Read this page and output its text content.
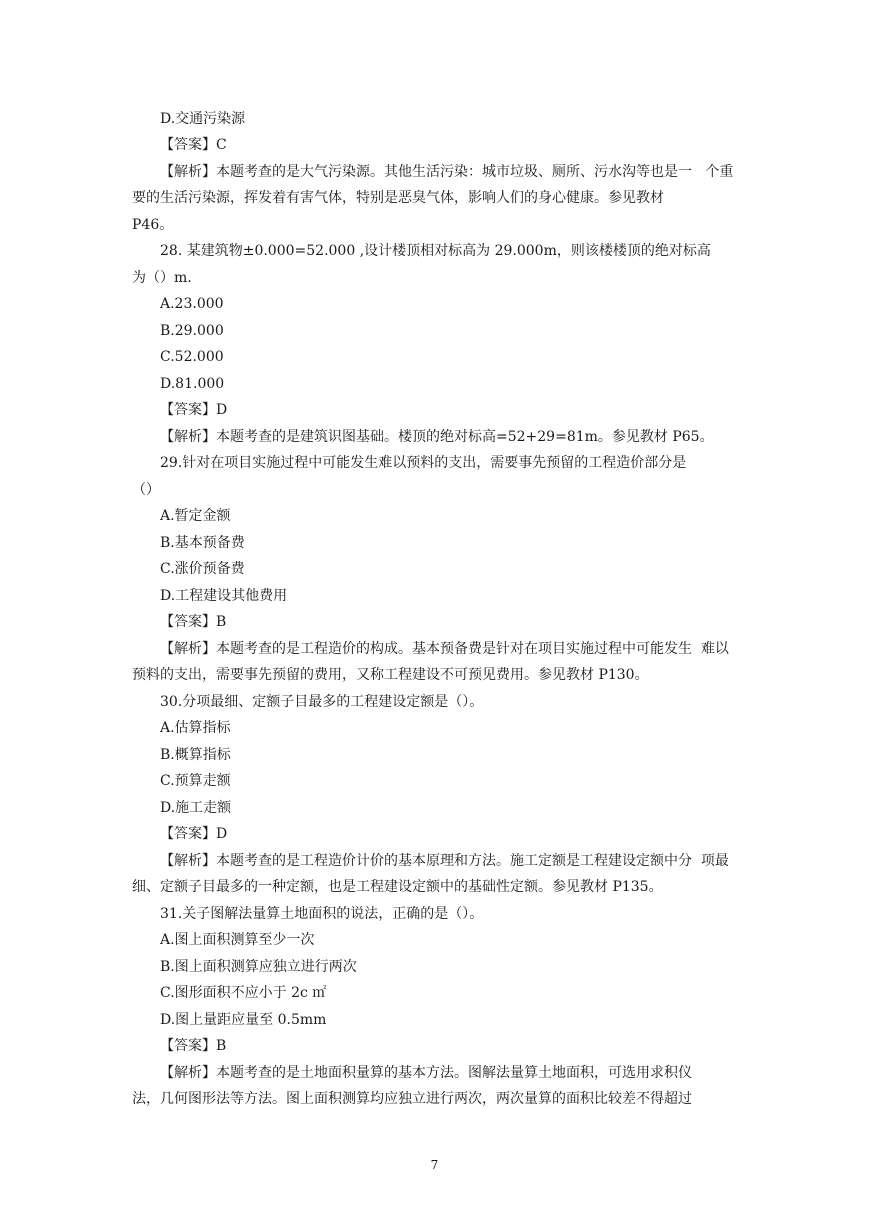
D.交通污染源

【答案】C

【解析】本题考查的是大气污染源。其他生活污染：城市垃圾、厕所、污水沟等也是一   个重

要的生活污染源，挥发着有害气体，特别是恶臭气体，影响人们的身心健康。参见教材

P46。

28. 某建筑物±0.000=52.000 ,设计楼顶相对标高为 29.000m，则该楼楼顶的绝对标高

为（）m.

A.23.000

B.29.000

C.52.000

D.81.000

【答案】D

【解析】本题考查的是建筑识图基础。楼顶的绝对标高=52+29=81m。参见教材 P65。

29.针对在项目实施过程中可能发生难以预料的支出，需要事先预留的工程造价部分是

（）

A.暂定金额

B.基本预备费

C.涨价预备费

D.工程建设其他费用

【答案】B

【解析】本题考查的是工程造价的构成。基本预备费是针对在项目实施过程中可能发生  难以

预料的支出，需要事先预留的费用，又称工程建设不可预见费用。参见教材 P130。

30.分项最细、定额子目最多的工程建设定额是（）。

A.估算指标

B.概算指标

C.预算走额

D.施工走额

【答案】D

【解析】本题考查的是工程造价计价的基本原理和方法。施工定额是工程建设定额中分  项最

细、定额子目最多的一种定额，也是工程建设定额中的基础性定额。参见教材 P135。

31.关子图解法量算土地面积的说法，正确的是（）。

A.图上面积测算至少一次

B.图上面积测算应独立进行两次

C.图形面积不应小于 2c ㎡

D.图上量距应量至 0.5mm

【答案】B

【解析】本题考查的是土地面积量算的基本方法。图解法量算土地面积，可选用求积仪

法，几何图形法等方法。图上面积测算均应独立进行两次，两次量算的面积比较差不得超过

7
